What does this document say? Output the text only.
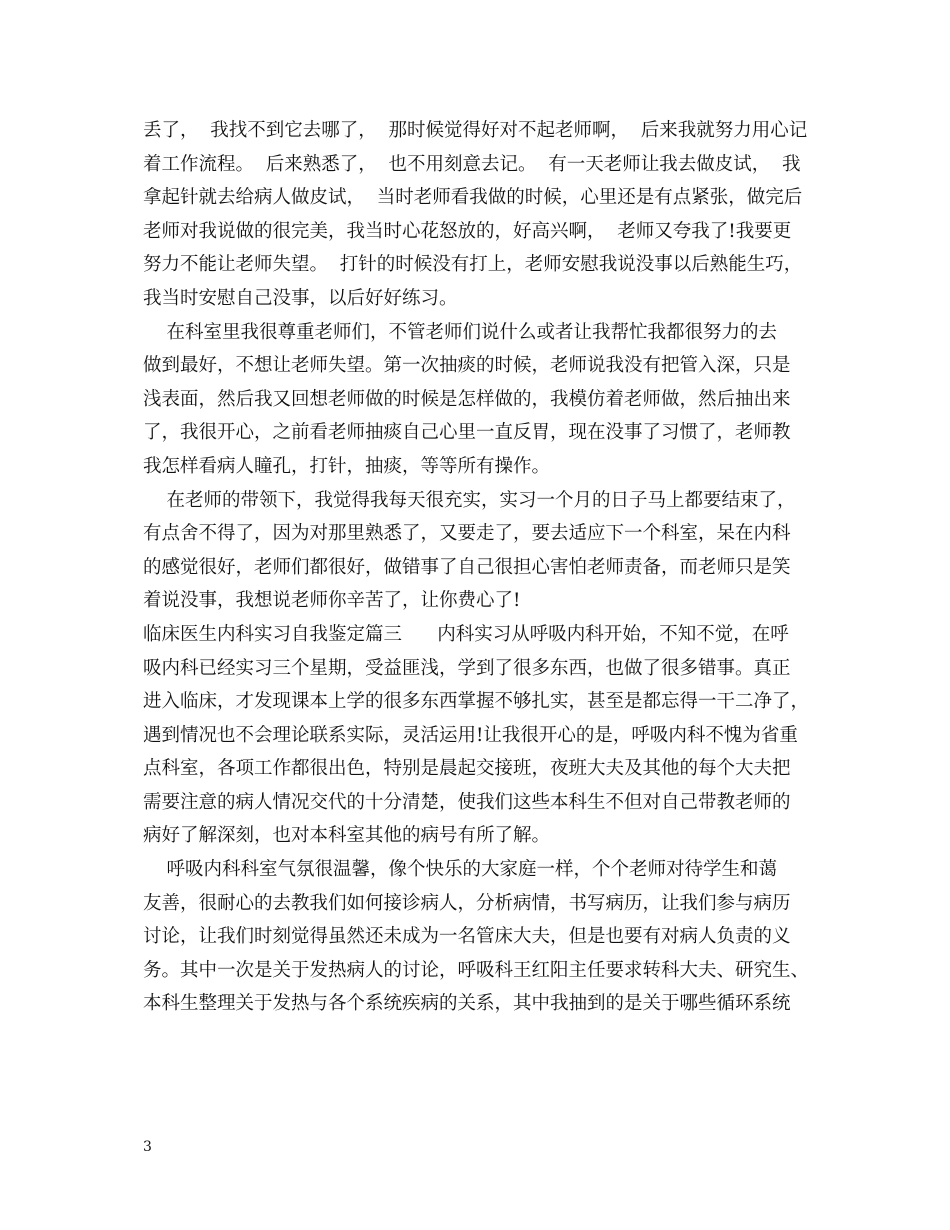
丢了，  我找不到它去哪了，  那时候觉得好对不起老师啊，  后来我就努力用心记
着工作流程。  后来熟悉了，  也不用刻意去记。  有一天老师让我去做皮试，  我
拿起针就去给病人做皮试，  当时老师看我做的时候，心里还是有点紧张，做完后
老师对我说做的很完美，我当时心花怒放的，好高兴啊，  老师又夸我了!我要更
努力不能让老师失望。  打针的时候没有打上，老师安慰我说没事以后熟能生巧，
我当时安慰自己没事，以后好好练习。
在科室里我很尊重老师们，不管老师们说什么或者让我帮忙我都很努力的去
做到最好，不想让老师失望。第一次抽痰的时候，老师说我没有把管入深，只是
浅表面，然后我又回想老师做的时候是怎样做的，我模仿着老师做，然后抽出来
了，我很开心，之前看老师抽痰自己心里一直反胃，现在没事了习惯了，老师教
我怎样看病人瞳孔，打针，抽痰，等等所有操作。
在老师的带领下，我觉得我每天很充实，实习一个月的日子马上都要结束了，
有点舍不得了，因为对那里熟悉了，又要走了，要去适应下一个科室，呆在内科
的感觉很好，老师们都很好，做错事了自己很担心害怕老师责备，而老师只是笑
着说没事，我想说老师你辛苦了，让你费心了!
临床医生内科实习自我鉴定篇三      内科实习从呼吸内科开始，不知不觉，在呼
吸内科已经实习三个星期，受益匪浅，学到了很多东西，也做了很多错事。真正
进入临床，才发现课本上学的很多东西掌握不够扎实，甚至是都忘得一干二净了，
遇到情况也不会理论联系实际，灵活运用!让我很开心的是，呼吸内科不愧为省重
点科室，各项工作都很出色，特别是晨起交接班，夜班大夫及其他的每个大夫把
需要注意的病人情况交代的十分清楚，使我们这些本科生不但对自己带教老师的
病好了解深刻，也对本科室其他的病号有所了解。
呼吸内科科室气氛很温馨，像个快乐的大家庭一样，个个老师对待学生和蔼
友善，很耐心的去教我们如何接诊病人，分析病情，书写病历，让我们参与病历
讨论，让我们时刻觉得虽然还未成为一名管床大夫，但是也要有对病人负责的义
务。其中一次是关于发热病人的讨论，呼吸科王红阳主任要求转科大夫、研究生、
本科生整理关于发热与各个系统疾病的关系，其中我抽到的是关于哪些循环系统
3
